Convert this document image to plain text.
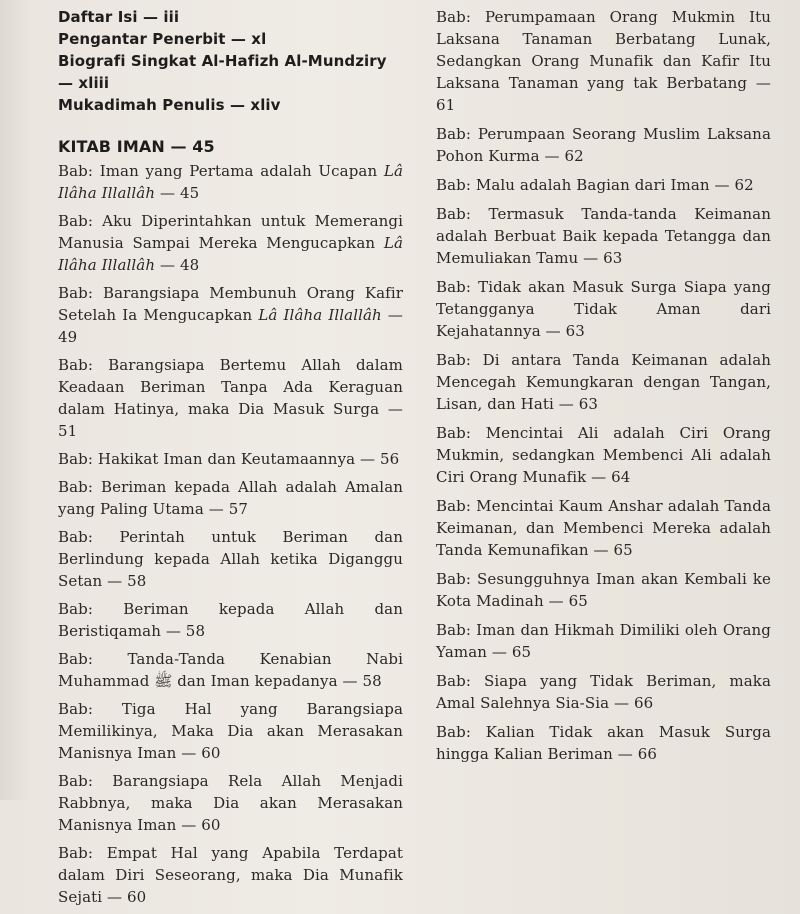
Daftar Isi — iii
Pengantar Penerbit — xl
Biografi Singkat Al-Hafizh Al-Mundziry — xliii
Mukadimah Penulis — xliv
KITAB IMAN — 45
Bab: Iman yang Pertama adalah Ucapan Lâ Ilâha Illallâh — 45
Bab: Aku Diperintahkan untuk Memerangi Manusia Sampai Mereka Mengucapkan Lâ Ilâha Illallâh — 48
Bab: Barangsiapa Membunuh Orang Kafir Setelah Ia Mengucapkan Lâ Ilâha Illallâh — 49
Bab: Barangsiapa Bertemu Allah dalam Keadaan Beriman Tanpa Ada Keraguan dalam Hatinya, maka Dia Masuk Surga — 51
Bab: Hakikat Iman dan Keutamaannya — 56
Bab: Beriman kepada Allah adalah Amalan yang Paling Utama — 57
Bab: Perintah untuk Beriman dan Berlindung kepada Allah ketika Diganggu Setan — 58
Bab: Beriman kepada Allah dan Beristiqamah — 58
Bab: Tanda-Tanda Kenabian Nabi Muhammad ﷺ dan Iman kepadanya — 58
Bab: Tiga Hal yang Barangsiapa Memilikinya, Maka Dia akan Merasakan Manisnya Iman — 60
Bab: Barangsiapa Rela Allah Menjadi Rabbnya, maka Dia akan Merasakan Manisnya Iman — 60
Bab: Empat Hal yang Apabila Terdapat dalam Diri Seseorang, maka Dia Munafik Sejati — 60
Bab: Perumpamaan Orang Mukmin Itu Laksana Tanaman Berbatang Lunak, Sedangkan Orang Munafik dan Kafir Itu Laksana Tanaman yang tak Berbatang — 61
Bab: Perumpaan Seorang Muslim Laksana Pohon Kurma — 62
Bab: Malu adalah Bagian dari Iman — 62
Bab: Termasuk Tanda-tanda Keimanan adalah Berbuat Baik kepada Tetangga dan Memuliakan Tamu — 63
Bab: Tidak akan Masuk Surga Siapa yang Tetangganya Tidak Aman dari Kejahatannya — 63
Bab: Di antara Tanda Keimanan adalah Mencegah Kemungkaran dengan Tangan, Lisan, dan Hati — 63
Bab: Mencintai Ali adalah Ciri Orang Mukmin, sedangkan Membenci Ali adalah Ciri Orang Munafik — 64
Bab: Mencintai Kaum Anshar adalah Tanda Keimanan, dan Membenci Mereka adalah Tanda Kemunafikan — 65
Bab: Sesungguhnya Iman akan Kembali ke Kota Madinah — 65
Bab: Iman dan Hikmah Dimiliki oleh Orang Yaman — 65
Bab: Siapa yang Tidak Beriman, maka Amal Salehnya Sia-Sia — 66
Bab: Kalian Tidak akan Masuk Surga hingga Kalian Beriman — 66
